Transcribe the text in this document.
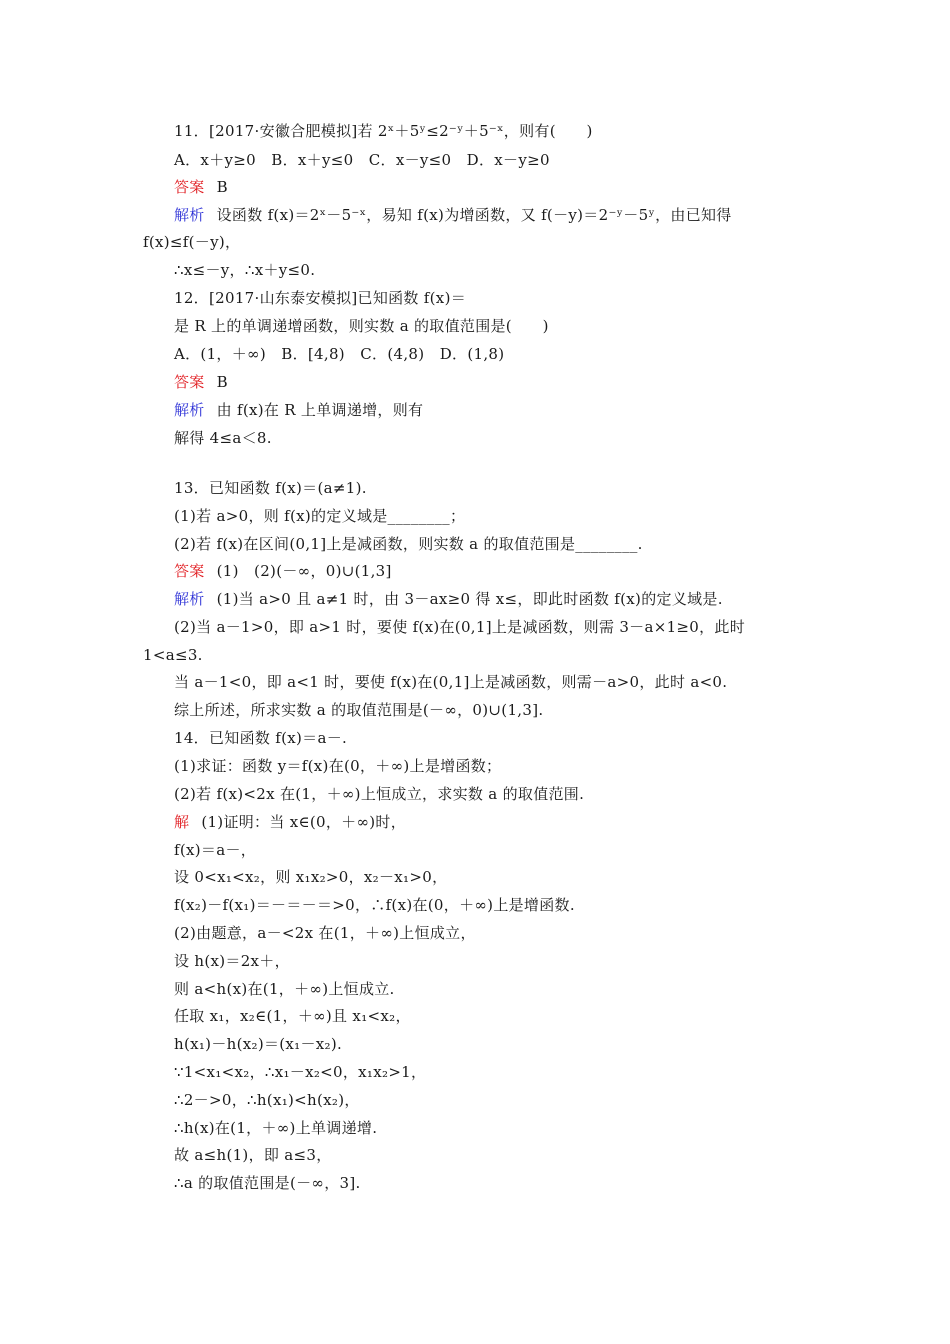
11．[2017·安徽合肥模拟]若 2ˣ＋5ʸ≤2⁻ʸ＋5⁻ˣ，则有(　　)
A．x＋y≥0　B．x＋y≤0　C．x－y≤0　D．x－y≥0
答案 B
解析 设函数 f(x)＝2ˣ－5⁻ˣ，易知 f(x)为增函数，又 f(－y)＝2⁻ʸ－5ʸ，由已知得
f(x)≤f(－y)，
∴x≤－y，∴x＋y≤0.
12．[2017·山东泰安模拟]已知函数 f(x)＝
是 R 上的单调递增函数，则实数 a 的取值范围是(　　)
A．(1，＋∞)　B．[4,8)　C．(4,8)　D．(1,8)
答案 B
解析 由 f(x)在 R 上单调递增，则有
解得 4≤a＜8.
13．已知函数 f(x)＝(a≠1).
(1)若 a>0，则 f(x)的定义域是________；
(2)若 f(x)在区间(0,1]上是减函数，则实数 a 的取值范围是________.
答案 (1)　(2)(－∞，0)∪(1,3]
解析 (1)当 a>0 且 a≠1 时，由 3－ax≥0 得 x≤，即此时函数 f(x)的定义域是.
(2)当 a－1>0，即 a>1 时，要使 f(x)在(0,1]上是减函数，则需 3－a×1≥0，此时
1<a≤3.
当 a－1<0，即 a<1 时，要使 f(x)在(0,1]上是减函数，则需－a>0，此时 a<0.
综上所述，所求实数 a 的取值范围是(－∞，0)∪(1,3].
14．已知函数 f(x)＝a－.
(1)求证：函数 y＝f(x)在(0，＋∞)上是增函数；
(2)若 f(x)<2x 在(1，＋∞)上恒成立，求实数 a 的取值范围.
解 (1)证明：当 x∈(0，＋∞)时，
f(x)＝a－，
设 0<x₁<x₂，则 x₁x₂>0，x₂－x₁>0，
f(x₂)－f(x₁)＝－＝－＝>0，∴f(x)在(0，＋∞)上是增函数.
(2)由题意，a－<2x 在(1，＋∞)上恒成立，
设 h(x)＝2x＋，
则 a<h(x)在(1，＋∞)上恒成立.
任取 x₁，x₂∈(1，＋∞)且 x₁<x₂，
h(x₁)－h(x₂)＝(x₁－x₂).
∵1<x₁<x₂，∴x₁－x₂<0，x₁x₂>1，
∴2－>0，∴h(x₁)<h(x₂)，
∴h(x)在(1，＋∞)上单调递增.
故 a≤h(1)，即 a≤3，
∴a 的取值范围是(－∞，3].
